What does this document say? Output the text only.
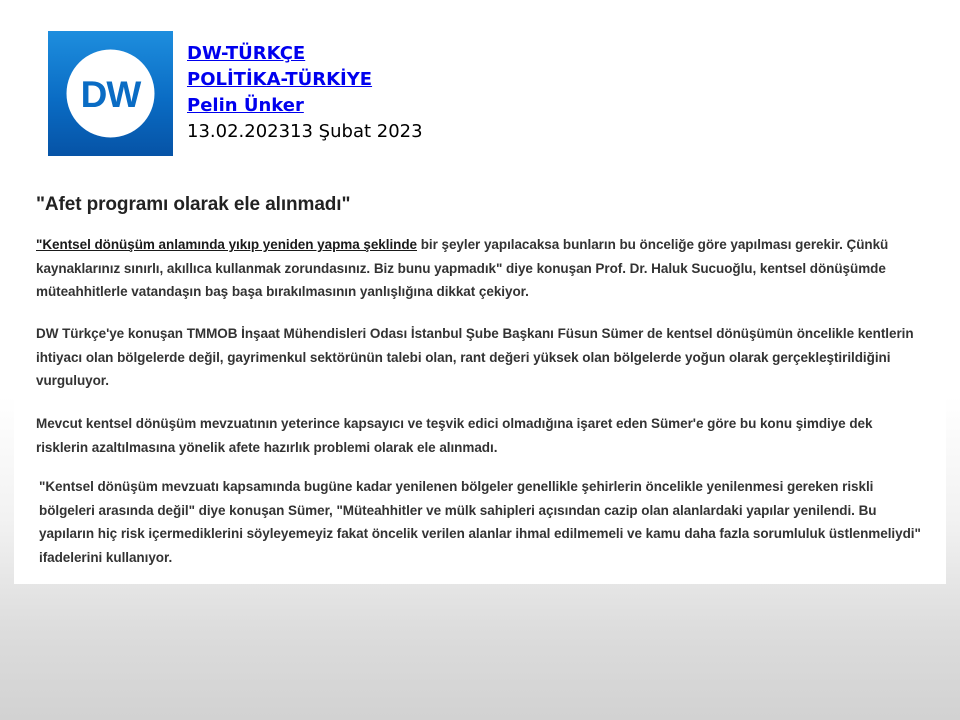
DW
DW-TÜRKÇE
POLİTİKA-TÜRKİYE
Pelin Ünker
13.02.202313 Şubat 2023
"Afet programı olarak ele alınmadı"

"Kentsel dönüşüm anlamında yıkıp yeniden yapma şeklinde bir şeyler yapılacaksa bunların bu önceliğe göre yapılması gerekir. Çünkü
kaynaklarınız sınırlı, akıllıca kullanmak zorundasınız. Biz bunu yapmadık" diye konuşan Prof. Dr. Haluk Sucuoğlu, kentsel dönüşümde
müteahhitlerle vatandaşın baş başa bırakılmasının yanlışlığına dikkat çekiyor.

DW Türkçe'ye konuşan TMMOB İnşaat Mühendisleri Odası İstanbul Şube Başkanı Füsun Sümer de kentsel dönüşümün öncelikle kentlerin
ihtiyacı olan bölgelerde değil, gayrimenkul sektörünün talebi olan, rant değeri yüksek olan bölgelerde yoğun olarak gerçekleştirildiğini
vurguluyor.

Mevcut kentsel dönüşüm mevzuatının yeterince kapsayıcı ve teşvik edici olmadığına işaret eden Sümer'e göre bu konu şimdiye dek
risklerin azaltılmasına yönelik afete hazırlık problemi olarak ele alınmadı.

"Kentsel dönüşüm mevzuatı kapsamında bugüne kadar yenilenen bölgeler genellikle şehirlerin öncelikle yenilenmesi gereken riskli
bölgeleri arasında değil" diye konuşan Sümer, "Müteahhitler ve mülk sahipleri açısından cazip olan alanlardaki yapılar yenilendi. Bu
yapıların hiç risk içermediklerini söyleyemeyiz fakat öncelik verilen alanlar ihmal edilmemeli ve kamu daha fazla sorumluluk üstlenmeliydi"
ifadelerini kullanıyor.
